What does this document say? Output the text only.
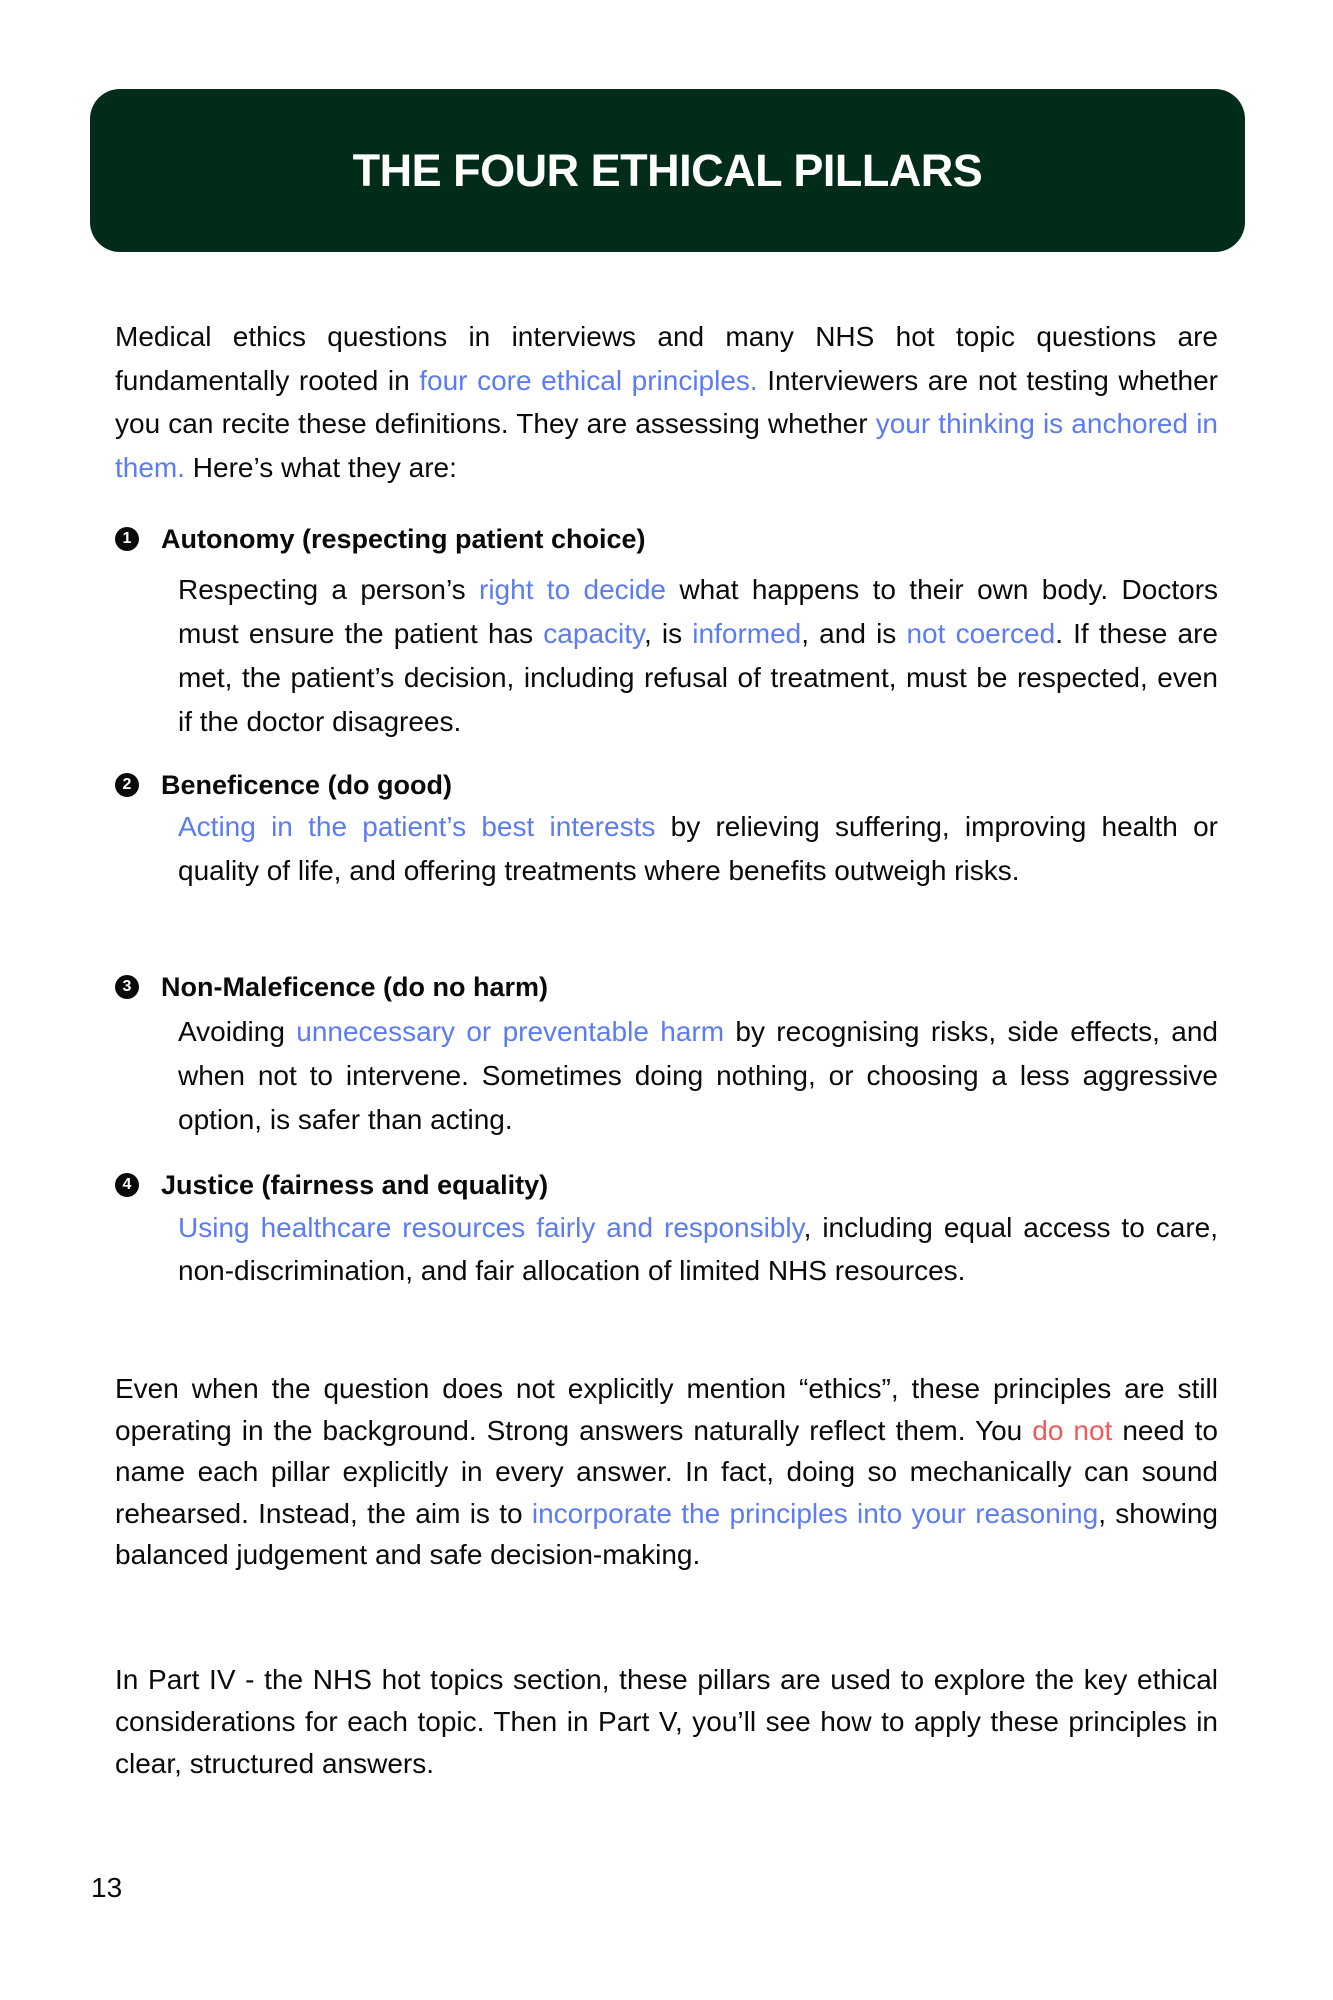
THE FOUR ETHICAL PILLARS

Medical ethics questions in interviews and many NHS hot topic questions are fundamentally rooted in four core ethical principles. Interviewers are not testing whether you can recite these definitions. They are assessing whether your thinking is anchored in them. Here’s what they are:

1 Autonomy (respecting patient choice)

Respecting a person’s right to decide what happens to their own body. Doctors must ensure the patient has capacity, is informed, and is not coerced. If these are met, the patient’s decision, including refusal of treatment, must be respected, even if the doctor disagrees.

2 Beneficence (do good)

Acting in the patient’s best interests by relieving suffering, improving health or quality of life, and offering treatments where benefits outweigh risks.

3 Non-Maleficence (do no harm)

Avoiding unnecessary or preventable harm by recognising risks, side effects, and when not to intervene. Sometimes doing nothing, or choosing a less aggressive option, is safer than acting.

4 Justice (fairness and equality)

Using healthcare resources fairly and responsibly, including equal access to care, non-discrimination, and fair allocation of limited NHS resources.

Even when the question does not explicitly mention “ethics”, these principles are still operating in the background. Strong answers naturally reflect them. You do not need to name each pillar explicitly in every answer. In fact, doing so mechanically can sound rehearsed. Instead, the aim is to incorporate the principles into your reasoning, showing balanced judgement and safe decision-making.

In Part IV - the NHS hot topics section, these pillars are used to explore the key ethical considerations for each topic. Then in Part V, you’ll see how to apply these principles in clear, structured answers.

13
